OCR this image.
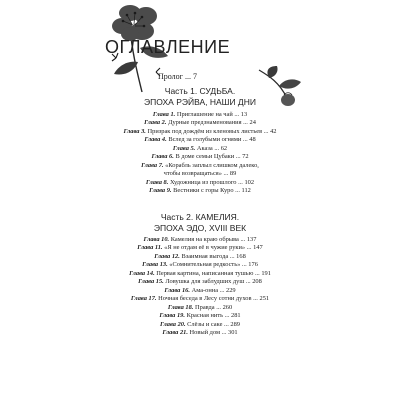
ОГЛАВЛЕНИЕ
Пролог ... 7
Часть 1. СУДЬБА.
ЭПОХА РЭЙВА, НАШИ ДНИ
Глава 1. Приглашение на чай ... 13
Глава 2. Дурные предзнаменования ... 24
Глава 3. Призрак под дождём из кленовых листьев ... 42
Глава 4. Вслед за голубыми огнями ... 48
Глава 5. Аказа ... 62
Глава 6. В доме семьи Цубаки ... 72
Глава 7. «Корабль заплыл слишком далеко,
чтобы возвращаться» ... 89
Глава 8. Художница из прошлого ... 102
Глава 9. Вестники с горы Куро ... 112
Часть 2. КАМЕЛИЯ.
ЭПОХА ЭДО, XVIII ВЕК
Глава 10. Камелия на краю обрыва ... 137
Глава 11. «Я не отдам её в чужие руки» ... 147
Глава 12. Взаимная выгода ... 168
Глава 13. «Сомнительная редкость» ... 176
Глава 14. Первая картина, написанная тушью ... 191
Глава 15. Ловушка для заблудших душ ... 208
Глава 16. Ама-онна ... 229
Глава 17. Ночная беседа в Лесу сотни духов ... 251
Глава 18. Правда ... 260
Глава 19. Красная нить ... 281
Глава 20. Слёзы и саке ... 289
Глава 21. Новый дом ... 301
